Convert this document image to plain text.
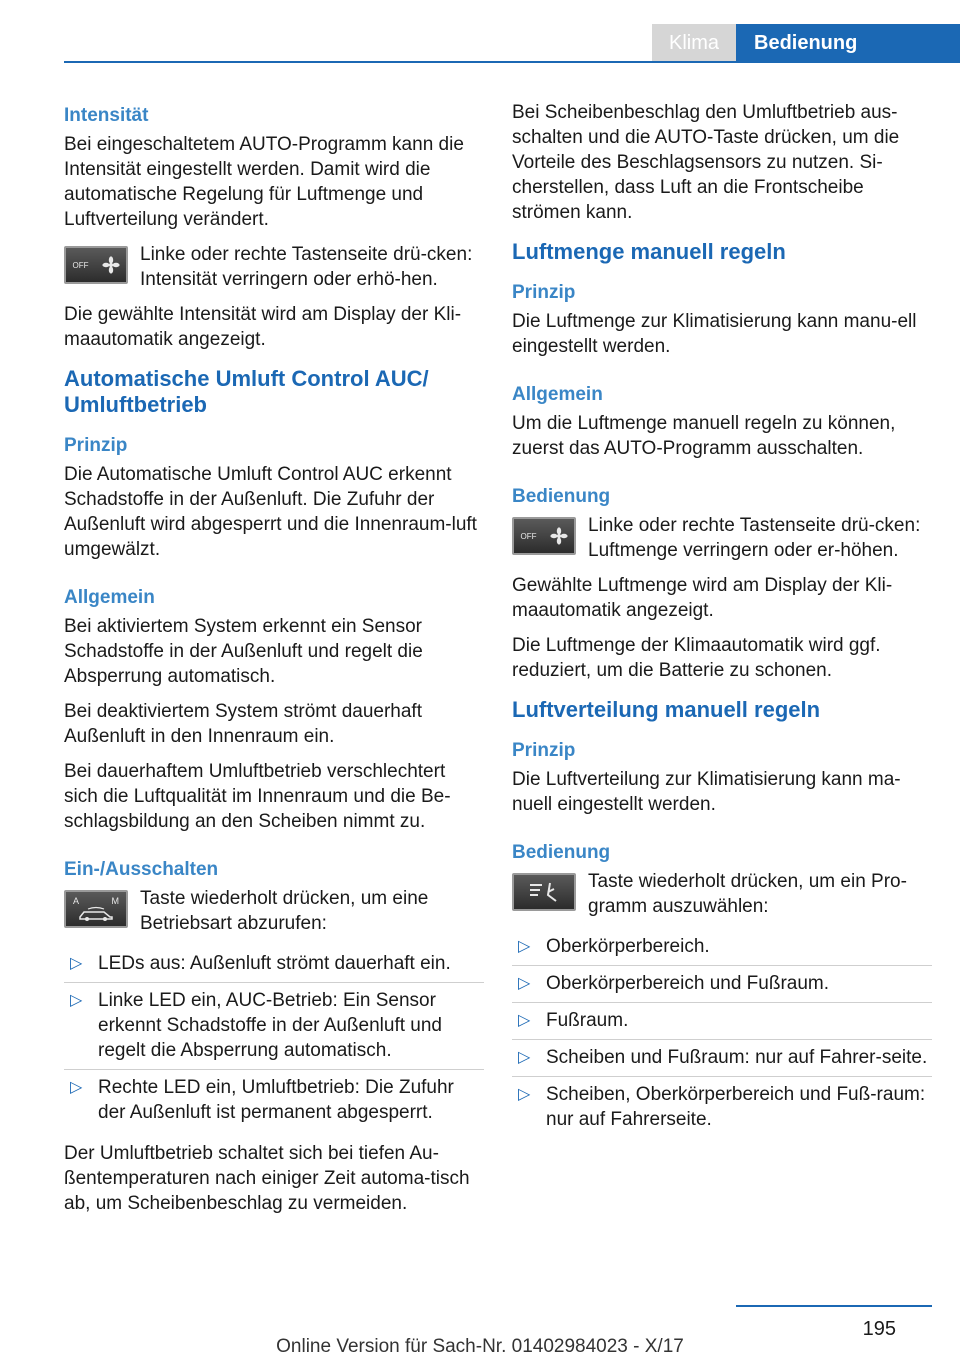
Klima	Bedienung
Intensität

Bei eingeschaltetem AUTO-Programm kann die Intensität eingestellt werden. Damit wird die automatische Regelung für Luftmenge und Luftverteilung verändert.

OFF	Linke oder rechte Tastenseite drü‐cken: Intensität verringern oder erhö‐hen.

Die gewählte Intensität wird am Display der Kli‐maautomatik angezeigt.

Automatische Umluft Control AUC/ Umluftbetrieb
Prinzip

Die Automatische Umluft Control AUC erkennt Schadstoffe in der Außenluft. Die Zufuhr der Außenluft wird abgesperrt und die Innenraum‐luft umgewälzt.

Allgemein

Bei aktiviertem System erkennt ein Sensor Schadstoffe in der Außenluft und regelt die Absperrung automatisch.

Bei deaktiviertem System strömt dauerhaft Außenluft in den Innenraum ein.

Bei dauerhaftem Umluftbetrieb verschlechtert sich die Luftqualität im Innenraum und die Be‐schlagsbildung an den Scheiben nimmt zu.

Ein-/Ausschalten
A	M Taste wiederholt drücken, um eine Betriebsart abzurufen:
▷ LEDs aus: Außenluft strömt dauerhaft ein.
▷ Linke LED ein, AUC-Betrieb: Ein Sensor erkennt Schadstoffe in der Außenluft und regelt die Absperrung automatisch.
▷ Rechte LED ein, Umluftbetrieb: Die Zufuhr der Außenluft ist permanent abgesperrt.

Der Umluftbetrieb schaltet sich bei tiefen Au‐ßentemperaturen nach einiger Zeit automa‐tisch ab, um Scheibenbeschlag zu vermeiden.

Bei Scheibenbeschlag den Umluftbetrieb aus‐schalten und die AUTO-Taste drücken, um die Vorteile des Beschlagsensors zu nutzen. Si‐cherstellen, dass Luft an die Frontscheibe strömen kann.

Luftmenge manuell regeln
Prinzip

Die Luftmenge zur Klimatisierung kann manu‐ell eingestellt werden.

Allgemein

Um die Luftmenge manuell regeln zu können, zuerst das AUTO-Programm ausschalten.

Bedienung
OFF	Linke oder rechte Tastenseite drü‐cken: Luftmenge verringern oder er‐höhen.

Gewählte Luftmenge wird am Display der Kli‐maautomatik angezeigt.

Die Luftmenge der Klimaautomatik wird ggf. reduziert, um die Batterie zu schonen.

Luftverteilung manuell regeln
Prinzip

Die Luftverteilung zur Klimatisierung kann ma‐nuell eingestellt werden.

Bedienung
Taste wiederholt drücken, um ein Pro‐gramm auszuwählen:
▷ Oberkörperbereich.
▷ Oberkörperbereich und Fußraum.
▷ Fußraum.
▷ Scheiben und Fußraum: nur auf Fahrer‐seite.
▷ Scheiben, Oberkörperbereich und Fuß‐raum: nur auf Fahrerseite.
195
Online Version für Sach-Nr. 01402984023 - X/17
